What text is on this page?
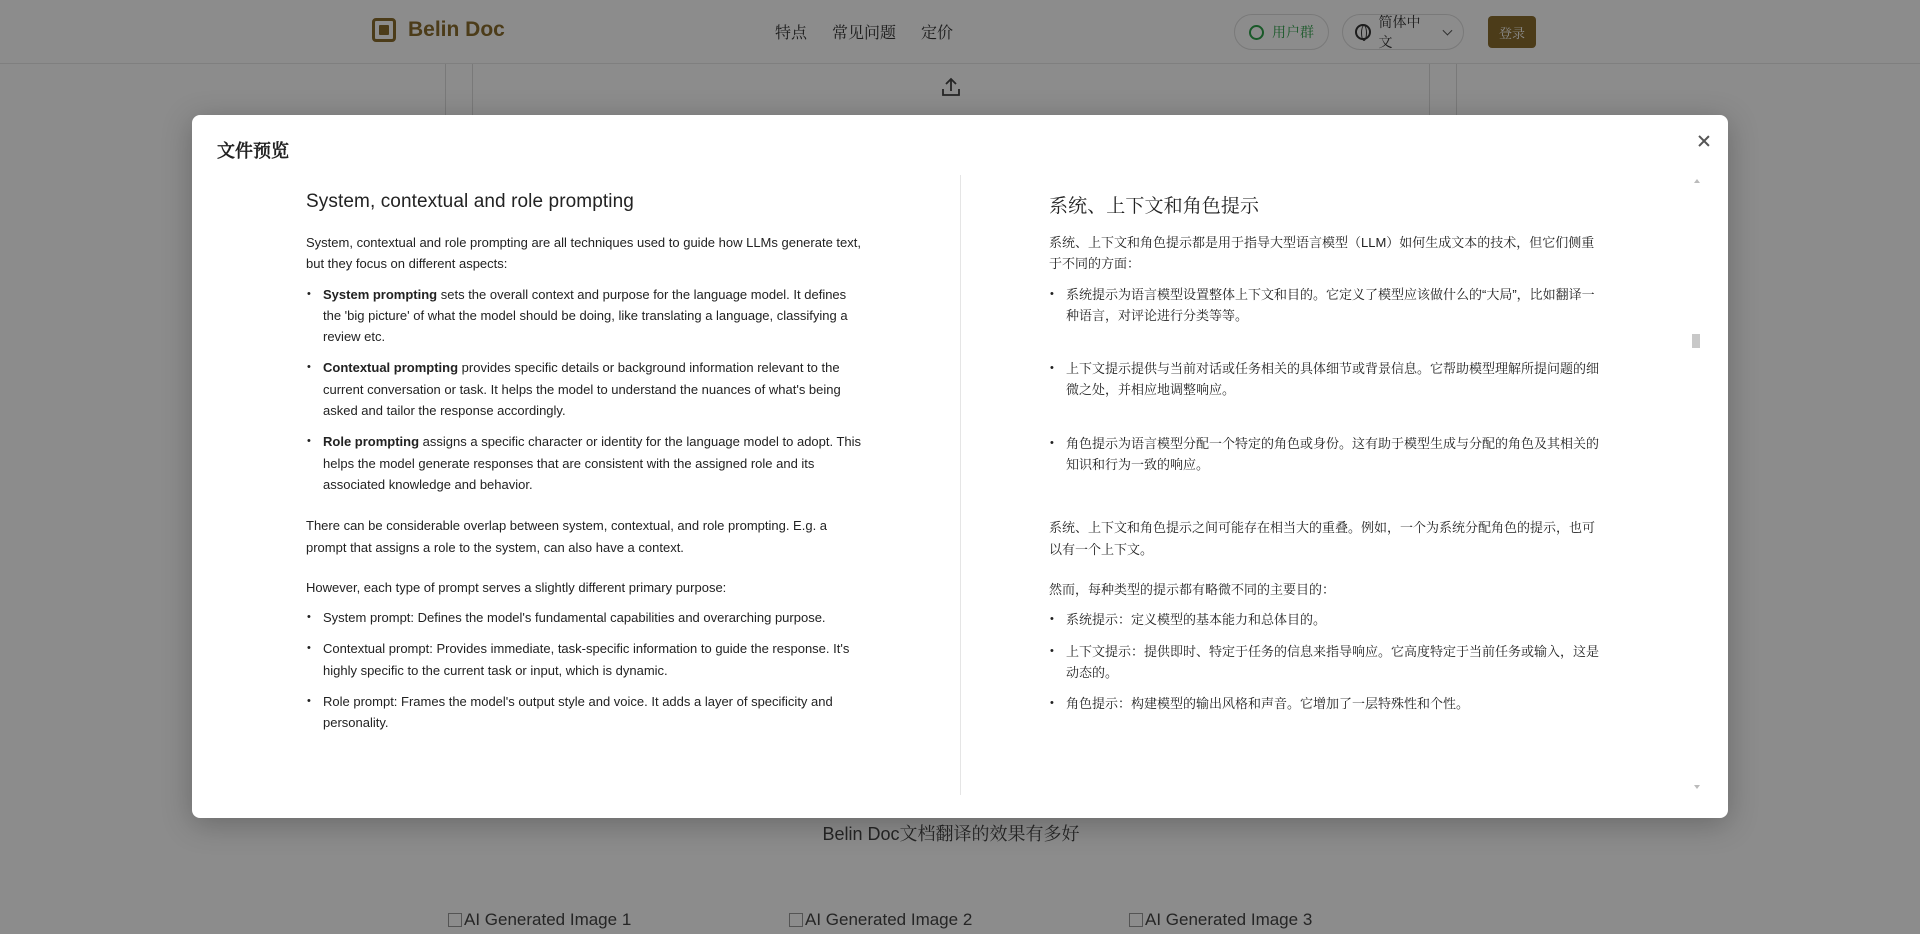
Belin Doc	特点 常见问题 定价	用户群
简体中文
登录
Belin Doc文档翻译的效果有多好
AI Generated Image 1	AI Generated Image 2	AI Generated Image 3
文件预览
System, contextual and role prompting

System, contextual and role prompting are all techniques used to guide how LLMs generate text, but they focus on different aspects:

• System prompting sets the overall context and purpose for the language model. It defines the 'big picture' of what the model should be doing, like translating a language, classifying a review etc.
• Contextual prompting provides specific details or background information relevant to the current conversation or task. It helps the model to understand the nuances of what's being asked and tailor the response accordingly.
• Role prompting assigns a specific character or identity for the language model to adopt. This helps the model generate responses that are consistent with the assigned role and its associated knowledge and behavior.

There can be considerable overlap between system, contextual, and role prompting. E.g. a prompt that assigns a role to the system, can also have a context.

However, each type of prompt serves a slightly different primary purpose:

• System prompt: Defines the model's fundamental capabilities and overarching purpose.
• Contextual prompt: Provides immediate, task-specific information to guide the response. It's highly specific to the current task or input, which is dynamic.
• Role prompt: Frames the model's output style and voice. It adds a layer of specificity and personality.
系统、上下文和角色提示

系统、上下文和角色提示都是用于指导大型语言模型（LLM）如何生成文本的技术，但它们侧重于不同的方面：

• 系统提示为语言模型设置整体上下文和目的。它定义了模型应该做什么的“大局”，比如翻译一种语言，对评论进行分类等等。
• 上下文提示提供与当前对话或任务相关的具体细节或背景信息。它帮助模型理解所提问题的细微之处，并相应地调整响应。
• 角色提示为语言模型分配一个特定的角色或身份。这有助于模型生成与分配的角色及其相关的知识和行为一致的响应。

系统、上下文和角色提示之间可能存在相当大的重叠。例如，一个为系统分配角色的提示，也可以有一个上下文。

然而，每种类型的提示都有略微不同的主要目的：

• 系统提示：定义模型的基本能力和总体目的。
• 上下文提示：提供即时、特定于任务的信息来指导响应。它高度特定于当前任务或输入，这是动态的。
• 角色提示：构建模型的输出风格和声音。它增加了一层特殊性和个性。
